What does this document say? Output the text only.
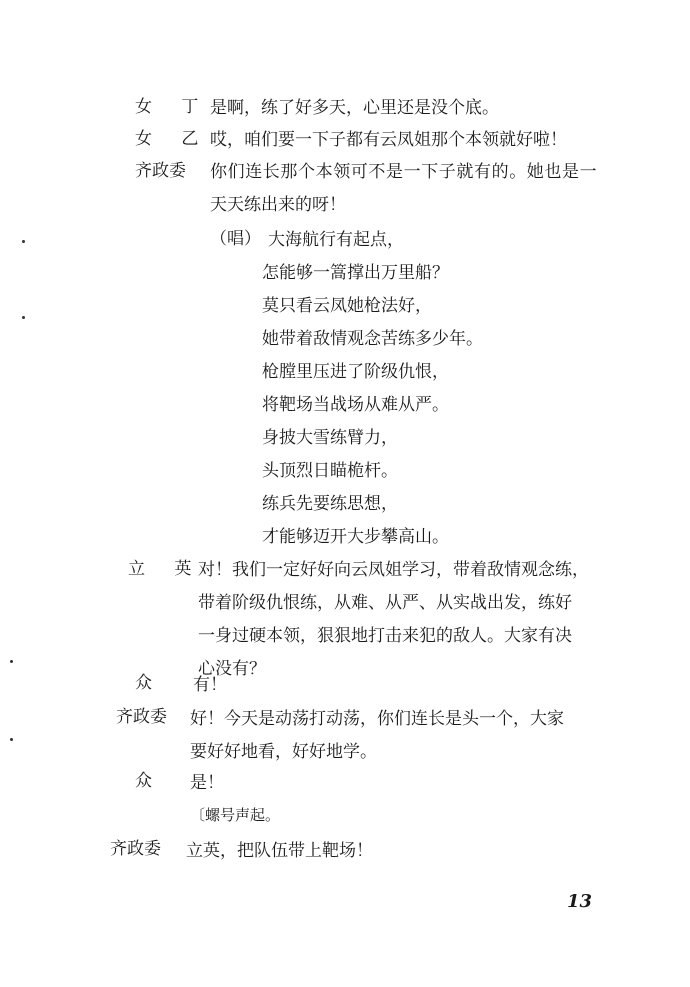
女 丁 是啊，练了好多天，心里还是没个底。
女 乙 哎，咱们要一下子都有云凤姐那个本领就好啦！
齐政委 你们连长那个本领可不是一下子就有的。她也是一
天天练出来的呀！
（唱） 大海航行有起点，
怎能够一篙撑出万里船？
莫只看云凤她枪法好，
她带着敌情观念苦练多少年。
枪膛里压进了阶级仇恨，
将靶场当战场从难从严。
身披大雪练臂力，
头顶烈日瞄桅杆。
练兵先要练思想，
才能够迈开大步攀高山。
立 英
对！我们一定好好向云凤姐学习，带着敌情观念练，
带着阶级仇恨练，从难、从严、从实战出发，练好
一身过硬本领，狠狠地打击来犯的敌人。大家有决
心没有？
众 有！
齐政委 好！今天是动荡打动荡，你们连长是头一个，大家
要好好地看，好好地学。
众 是！
〔螺号声起。
齐政委 立英，把队伍带上靶场！
13
